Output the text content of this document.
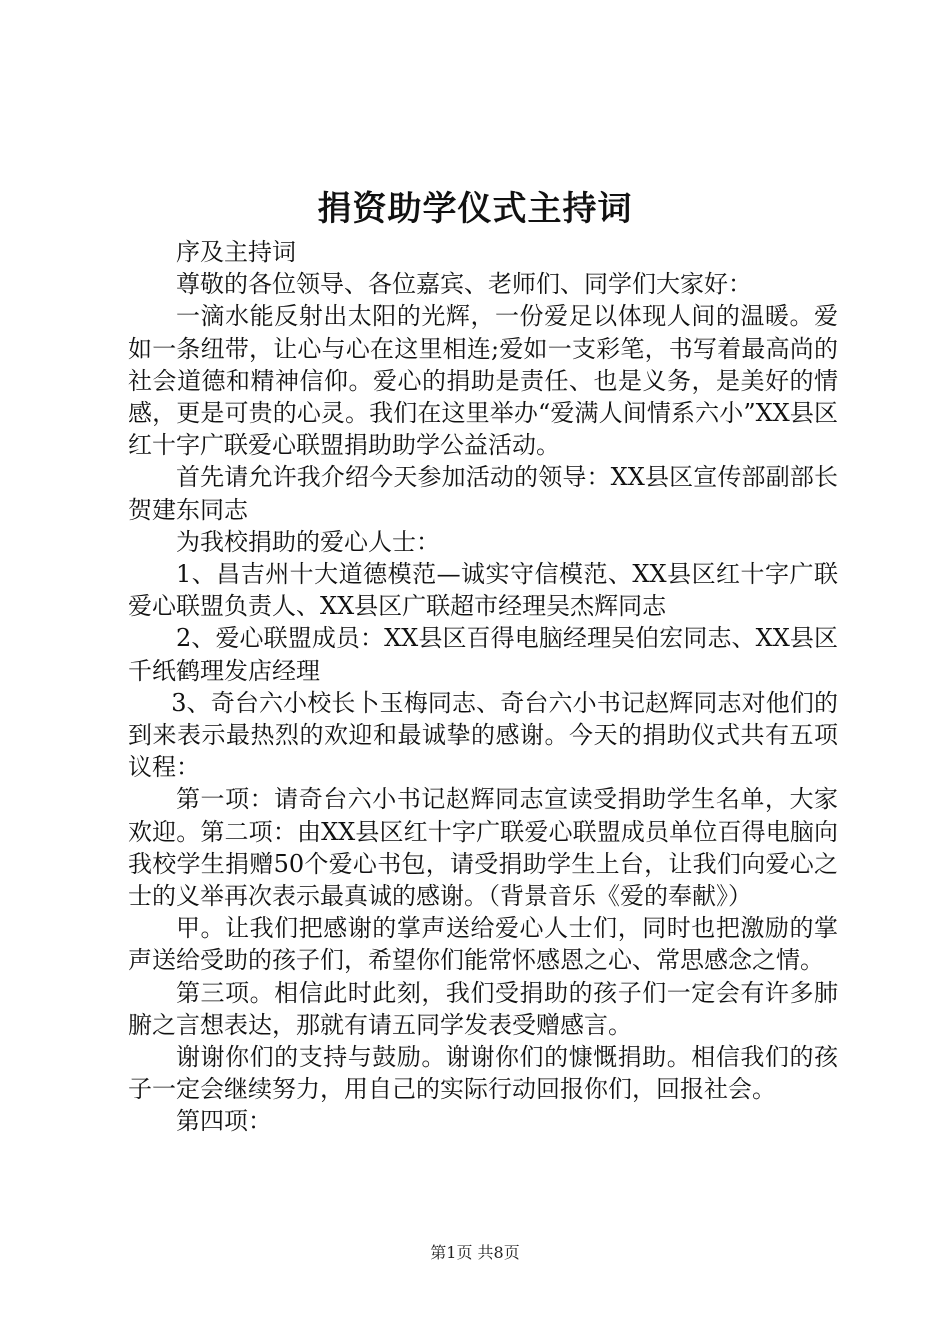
捐资助学仪式主持词

序及主持词

尊敬的各位领导、各位嘉宾、老师们、同学们大家好：

一滴水能反射出太阳的光辉，一份爱足以体现人间的温暖。爱如一条纽带，让心与心在这里相连;爱如一支彩笔，书写着最高尚的社会道德和精神信仰。爱心的捐助是责任、也是义务，是美好的情感，更是可贵的心灵。我们在这里举办“爱满人间情系六小”XX县区红十字广联爱心联盟捐助助学公益活动。

首先请允许我介绍今天参加活动的领导：XX县区宣传部副部长贺建东同志

为我校捐助的爱心人士：

1、昌吉州十大道德模范—诚实守信模范、XX县区红十字广联爱心联盟负责人、XX县区广联超市经理吴杰辉同志

2、爱心联盟成员：XX县区百得电脑经理吴伯宏同志、XX县区千纸鹤理发店经理

3、奇台六小校长卜玉梅同志、奇台六小书记赵辉同志对他们的到来表示最热烈的欢迎和最诚挚的感谢。今天的捐助仪式共有五项议程：

第一项：请奇台六小书记赵辉同志宣读受捐助学生名单，大家欢迎。第二项：由XX县区红十字广联爱心联盟成员单位百得电脑向我校学生捐赠50个爱心书包，请受捐助学生上台，让我们向爱心之士的义举再次表示最真诚的感谢。（背景音乐《爱的奉献》）

甲。让我们把感谢的掌声送给爱心人士们，同时也把激励的掌声送给受助的孩子们，希望你们能常怀感恩之心、常思感念之情。

第三项。相信此时此刻，我们受捐助的孩子们一定会有许多肺腑之言想表达，那就有请五同学发表受赠感言。

谢谢你们的支持与鼓励。谢谢你们的慷慨捐助。相信我们的孩子一定会继续努力，用自己的实际行动回报你们，回报社会。

第四项：

第1页 共8页
